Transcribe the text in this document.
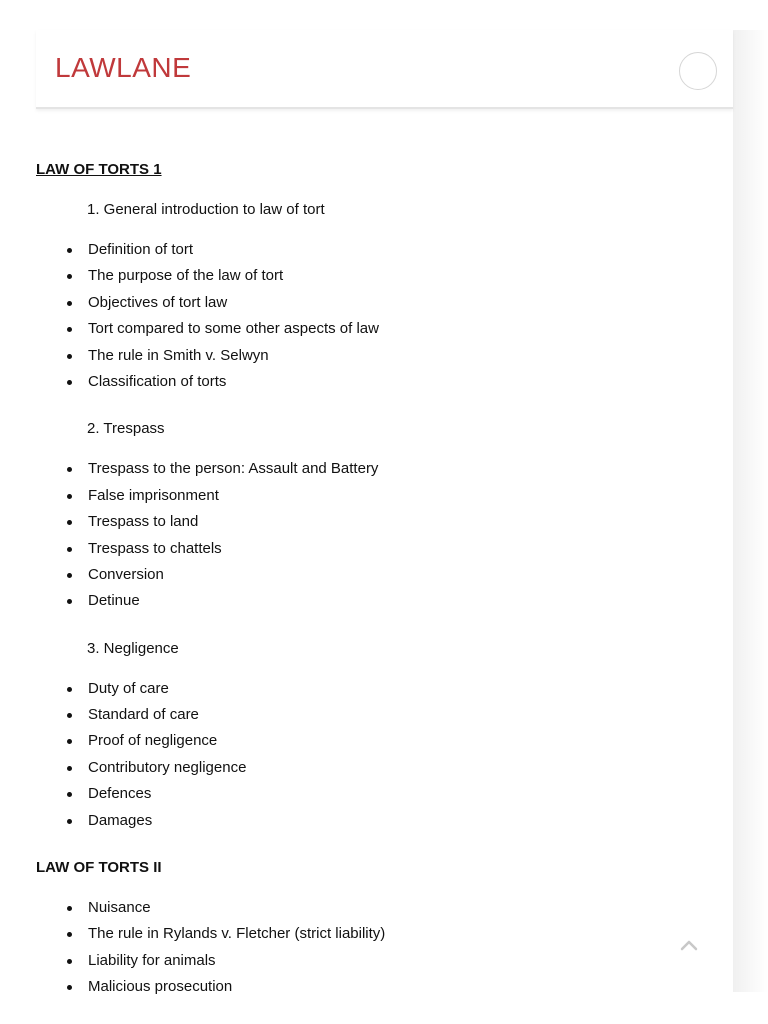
LAWLANE
LAW OF TORTS 1
1. General introduction to law of tort
Definition of tort
The purpose of the law of tort
Objectives of tort law
Tort compared to some other aspects of law
The rule in Smith v. Selwyn
Classification of torts
2. Trespass
Trespass to the person: Assault and Battery
False imprisonment
Trespass to land
Trespass to chattels
Conversion
Detinue
3. Negligence
Duty of care
Standard of care
Proof of negligence
Contributory negligence
Defences
Damages
LAW OF TORTS II
Nuisance
The rule in Rylands v. Fletcher (strict liability)
Liability for animals
Malicious prosecution
